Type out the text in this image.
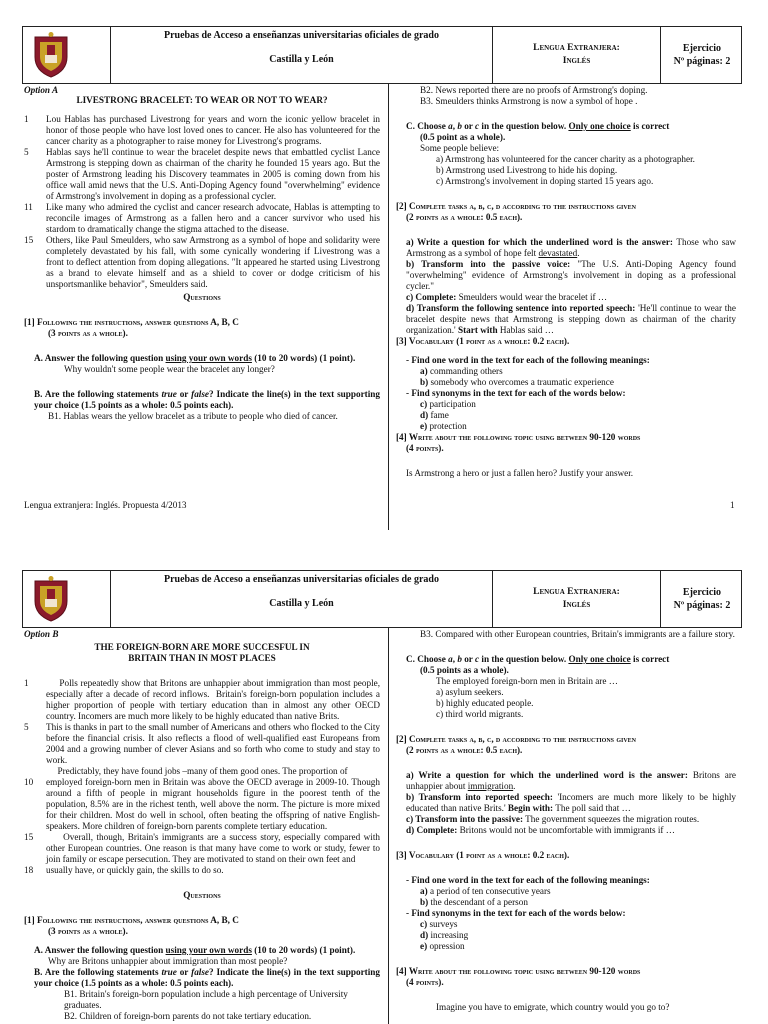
Pruebas de Acceso a enseñanzas universitarias oficiales de grado
Castilla y León
Lengua Extranjera:
Inglés
Ejercicio
Nº páginas: 2
Option A
LIVESTRONG BRACELET: TO WEAR OR NOT TO WEAR?
1 Lou Hablas has purchased Livestrong for years and worn the iconic yellow bracelet in honor of those people who have lost loved ones to cancer. He also has volunteered for the cancer charity as a photographer to raise money for Livestrong's programs.
5 Hablas says he'll continue to wear the bracelet despite news that embattled cyclist Lance Armstrong is stepping down as chairman of the charity he founded 15 years ago. But the poster of Armstrong leading his Discovery teammates in 2005 is coming down from his office wall amid news that the U.S. Anti-Doping Agency found "overwhelming" evidence of Armstrong's involvement in doping as a professional cycler.
11 Like many who admired the cyclist and cancer research advocate, Hablas is attempting to reconcile images of Armstrong as a fallen hero and a cancer survivor who used his stardom to dramatically change the stigma attached to the disease.
15 Others, like Paul Smeulders, who saw Armstrong as a symbol of hope and solidarity were completely devastated by his fall, with some cynically wondering if Livestrong was a front to deflect attention from doping allegations. "It appeared he started using Livestrong as a brand to elevate himself and as a shield to cover or dodge criticism of his unsportsmanlike behavior", Smeulders said.
Questions
[1] Following the instructions, answer questions A, B, C
(3 points as a whole).
A. Answer the following question using your own words (10 to 20 words) (1 point).
Why wouldn't some people wear the bracelet any longer?
B. Are the following statements true or false? Indicate the line(s) in the text supporting your choice (1.5 points as a whole: 0.5 points each).
B1. Hablas wears the yellow bracelet as a tribute to people who died of cancer.
Lengua extranjera: Inglés. Propuesta 4/2013	1
B2. News reported there are no proofs of Armstrong's doping.
B3. Smeulders thinks Armstrong is now a symbol of hope .
C. Choose a, b or c in the question below. Only one choice is correct
(0.5 point as a whole).
Some people believe:
a) Armstrong has volunteered for the cancer charity as a photographer.
b) Armstrong used Livestrong to hide his doping.
c) Armstrong's involvement in doping started 15 years ago.
[2] Complete tasks a, b, c, d according to the instructions given
(2 points as a whole: 0.5 each).
a) Write a question for which the underlined word is the answer: Those who saw Armstrong as a symbol of hope felt devastated.
b) Transform into the passive voice: "The U.S. Anti-Doping Agency found "overwhelming" evidence of Armstrong's involvement in doping as a professional cycler."
c) Complete: Smeulders would wear the bracelet if …
d) Transform the following sentence into reported speech: 'He'll continue to wear the bracelet despite news that Armstrong is stepping down as chairman of the charity organization.' Start with Hablas said …
[3] Vocabulary (1 point as a whole: 0.2 each).
- Find one word in the text for each of the following meanings:
a) commanding others
b) somebody who overcomes a traumatic experience
- Find synonyms in the text for each of the words below:
c) participation
d) fame
e) protection
[4] Write about the following topic using between 90-120 words
(4 points).
Is Armstrong a hero or just a fallen hero? Justify your answer.
Pruebas de Acceso a enseñanzas universitarias oficiales de grado
Castilla y León
Lengua Extranjera:
Inglés
Ejercicio
Nº páginas: 2
Option B
THE FOREIGN-BORN ARE MORE SUCCESFUL IN
BRITAIN THAN IN MOST PLACES
1 Polls repeatedly show that Britons are unhappier about immigration than most people, especially after a decade of record inflows.  Britain's foreign-born population includes a higher proportion of people with tertiary education than in almost any other OECD country. Incomers are much more likely to be highly educated than native Brits.
5 This is thanks in part to the small number of Americans and others who flocked to the City before the financial crisis. It also reflects a flood of well-qualified east Europeans from 2004 and a growing number of clever Asians and so forth who come to study and stay to work.
Predictably, they have found jobs –many of them good ones. The proportion of
10 employed foreign-born men in Britain was above the OECD average in 2009-10. Though around a fifth of people in migrant households figure in the poorest tenth of the population, 8.5% are in the richest tenth, well above the norm. The picture is more mixed for their children. Most do well in school, often beating the offspring of native English-speakers. More children of foreign-born parents complete tertiary education.
15 Overall, though, Britain's immigrants are a success story, especially compared with other European countries. One reason is that many have come to work or study, fewer to join family or escape persecution. They are motivated to stand on their own feet and
18 usually have, or quickly gain, the skills to do so.
Questions
[1] Following the instructions, answer questions A, B, C
(3 points as a whole).
A. Answer the following question using your own words (10 to 20 words) (1 point).
Why are Britons unhappier about immigration than most people?
B. Are the following statements true or false? Indicate the line(s) in the text supporting your choice (1.5 points as a whole: 0.5 points each).
B1. Britain's foreign-born population include a high percentage of University graduates.
B2. Children of foreign-born parents do not take tertiary education.
B3. Compared with other European countries, Britain's immigrants are a failure story.
C. Choose a, b or c in the question below. Only one choice is correct
(0.5 points as a whole).
The employed foreign-born men in Britain are …
a) asylum seekers.
b) highly educated people.
c) third world migrants.
[2] Complete tasks a, b, c, d according to the instructions given
(2 points as a whole: 0.5 each).
a) Write a question for which the underlined word is the answer: Britons are unhappier about immigration.
b) Transform into reported speech: 'Incomers are much more likely to be highly educated than native Brits.' Begin with: The poll said that …
c) Transform into the passive: The government squeezes the migration routes.
d) Complete: Britons would not be uncomfortable with immigrants if …
[3] Vocabulary (1 point as a whole: 0.2 each).
- Find one word in the text for each of the following meanings:
a) a period of ten consecutive years
b) the descendant of a person
- Find synonyms in the text for each of the words below:
c) surveys
d) increasing
e) opression
[4] Write about the following topic using between 90-120 words
(4 points).
Imagine you have to emigrate, which country would you go to?
